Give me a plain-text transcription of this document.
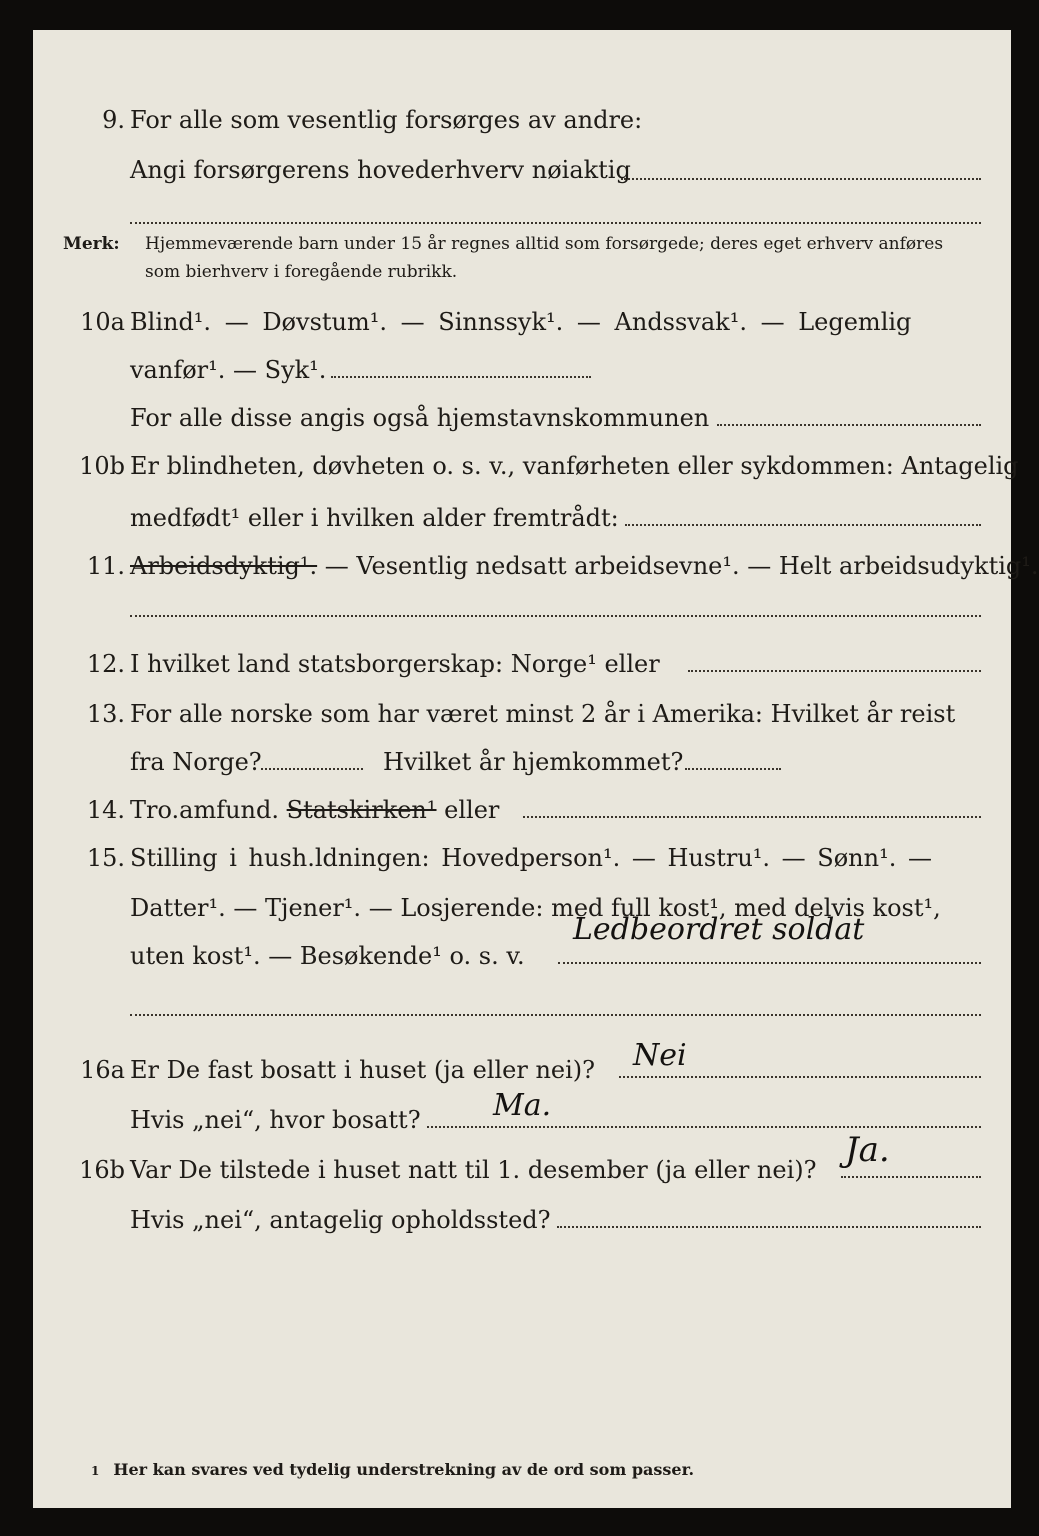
9. For alle som vesentlig forsørges av andre:
Angi forsørgerens hovederhverv nøiaktig
Merk: Hjemmeværende barn under 15 år regnes alltid som forsørgede; deres eget erhverv anføres som bierhverv i foregående rubrikk.
10a Blind¹. — Døvstum¹. — Sinnssyk¹. — Andssvak¹. — Legemlig
vanfør¹. — Syk¹.
For alle disse angis også hjemstavnskommunen
10b Er blindheten, døvheten o. s. v., vanførheten eller sykdommen: Antagelig
medfødt¹ eller i hvilken alder fremtrådt:
11. Arbeidsdyktig¹. — Vesentlig nedsatt arbeidsevne¹. — Helt arbeidsudyktig¹.
12. I hvilket land statsborgerskap: Norge¹ eller
13. For alle norske som har været minst 2 år i Amerika: Hvilket år reist
fra Norge?	Hvilket år hjemkommet?
14. Tro.amfund. Statskirken¹ eller
15. Stilling i hush.ldningen: Hovedperson¹. — Hustru¹. — Sønn¹. —
Datter¹. — Tjener¹. — Losjerende: med full kost¹, med delvis kost¹,
uten kost¹. — Besøkende¹ o. s. v.
Ledbeordret soldat
16a Er De fast bosatt i huset (ja eller nei)? Nei
Hvis „nei“, hvor bosatt? Ma.
16b Var De tilstede i huset natt til 1. desember (ja eller nei)? Ja.
Hvis „nei“, antagelig opholdssted?
1 Her kan svares ved tydelig understrekning av de ord som passer.
